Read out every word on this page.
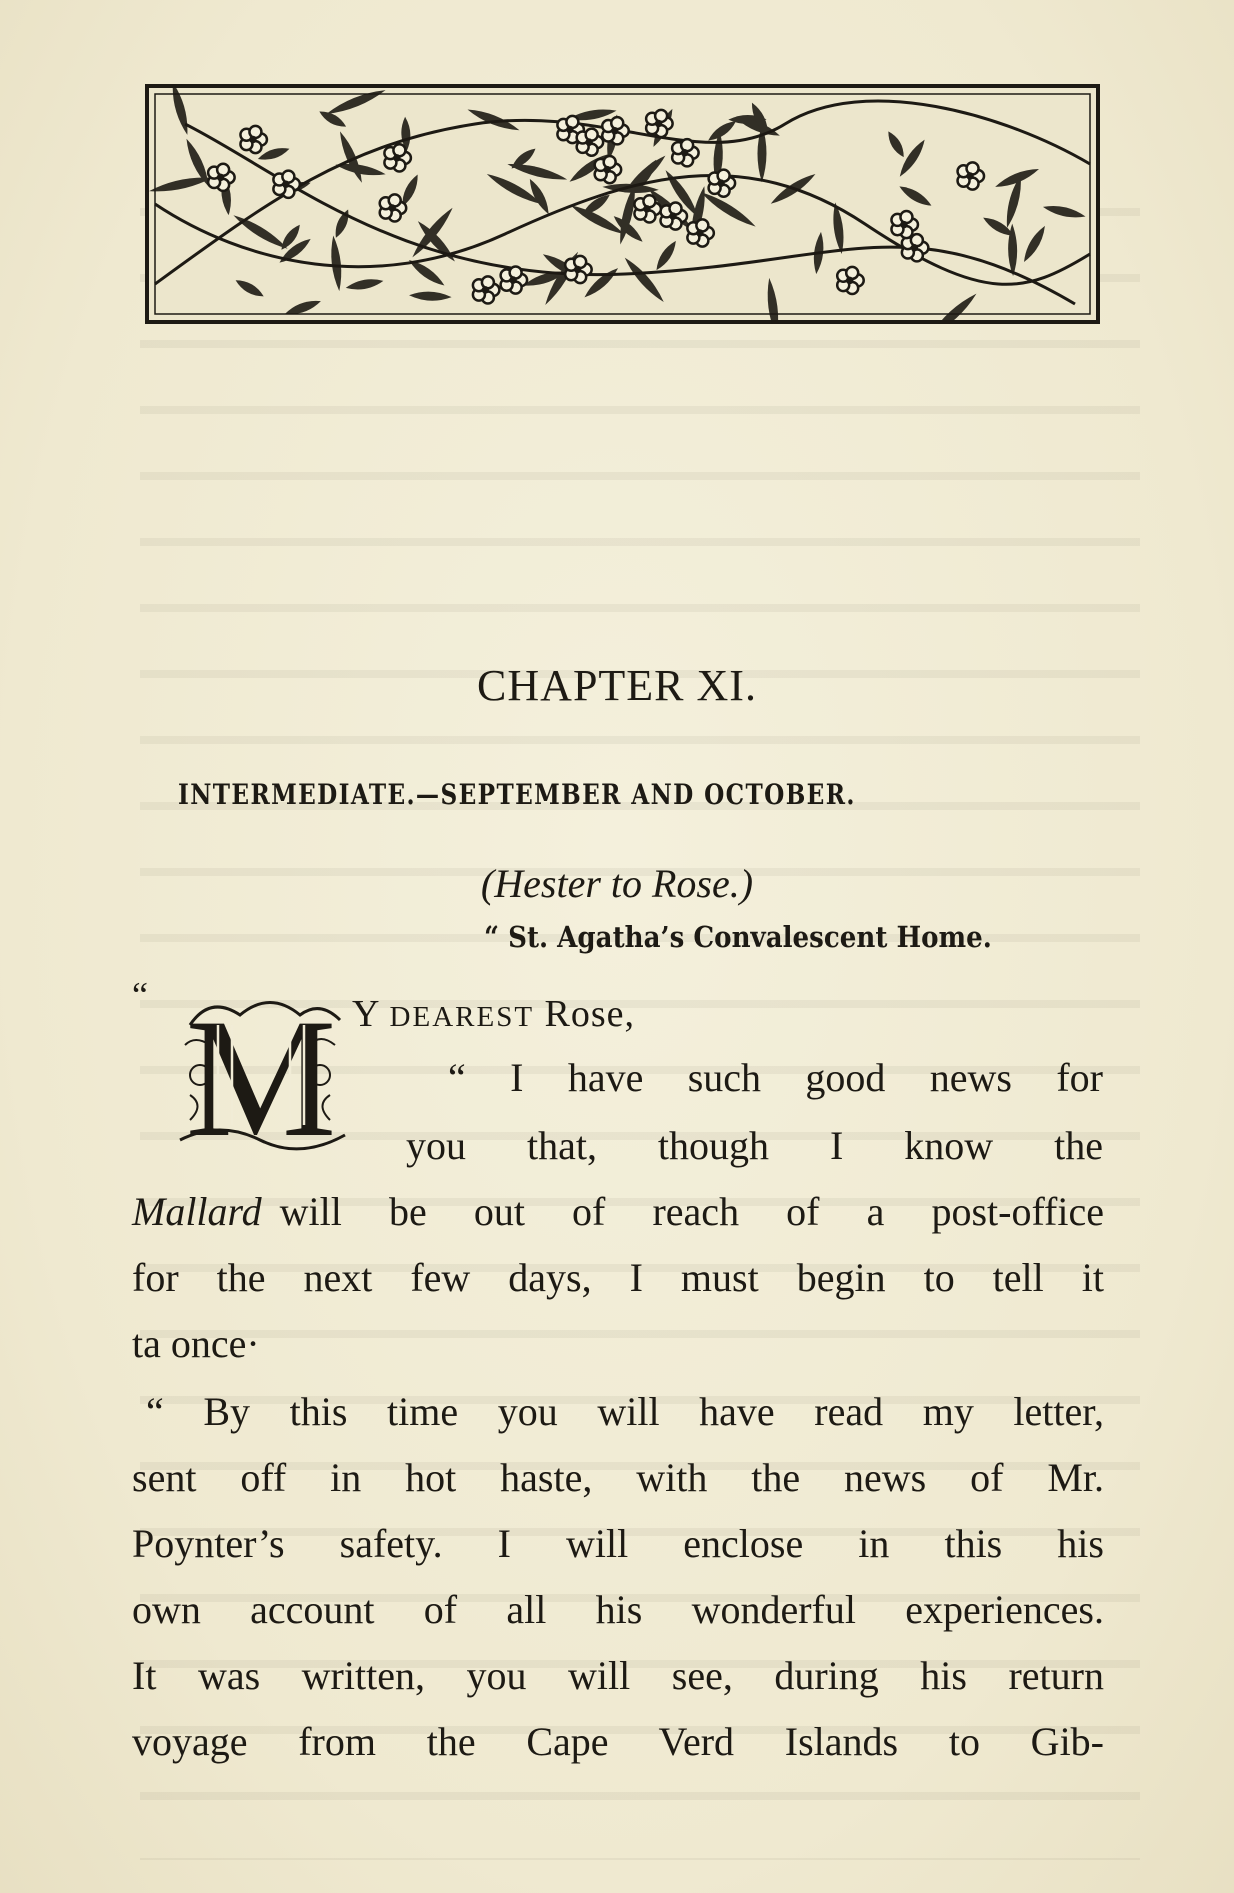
CHAPTER XI.
INTERMEDIATE.—SEPTEMBER AND OCTOBER.
(Hester to Rose.)
“ St. Agatha’s Convalescent Home.
“ M Y DEAREST Rose,
“ I have such good news for
you that, though I know the
Mallard will be out of reach of a post-office
for the next few days, I must begin to tell it
ta once·
“ By this time you will have read my letter,
sent off in hot haste, with the news of Mr.
Poynter’s safety. I will enclose in this his
own account of all his wonderful experiences.
It was written, you will see, during his return
voyage from the Cape Verd Islands to Gib-
